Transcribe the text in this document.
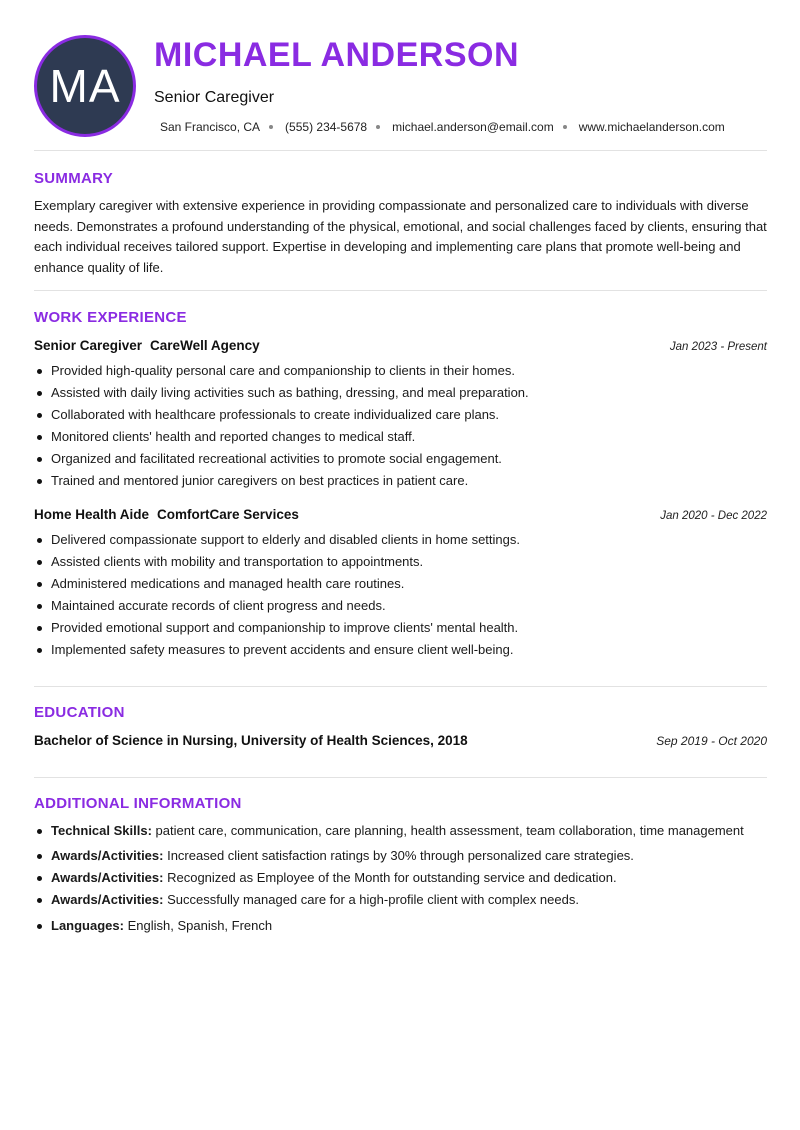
MA
MICHAEL ANDERSON

Senior Caregiver

San Francisco, CA (555) 234-5678 michael.anderson@email.com www.michaelanderson.com
SUMMARY

Exemplary caregiver with extensive experience in providing compassionate and personalized care to individuals with diverse needs. Demonstrates a profound understanding of the physical, emotional, and social challenges faced by clients, ensuring that each individual receives tailored support. Expertise in developing and implementing care plans that promote well-being and enhance quality of life.

WORK EXPERIENCE
Senior Caregiver CareWell Agency	Jan 2023 - Present
Provided high-quality personal care and companionship to clients in their homes.
Assisted with daily living activities such as bathing, dressing, and meal preparation.
Collaborated with healthcare professionals to create individualized care plans.
Monitored clients' health and reported changes to medical staff.
Organized and facilitated recreational activities to promote social engagement.
Trained and mentored junior caregivers on best practices in patient care.
Home Health Aide ComfortCare Services	Jan 2020 - Dec 2022
Delivered compassionate support to elderly and disabled clients in home settings.
Assisted clients with mobility and transportation to appointments.
Administered medications and managed health care routines.
Maintained accurate records of client progress and needs.
Provided emotional support and companionship to improve clients' mental health.
Implemented safety measures to prevent accidents and ensure client well-being.
EDUCATION
Bachelor of Science in Nursing, University of Health Sciences, 2018	Sep 2019 - Oct 2020
ADDITIONAL INFORMATION
Technical Skills: patient care, communication, care planning, health assessment, team collaboration, time management
Awards/Activities: Increased client satisfaction ratings by 30% through personalized care strategies.
Awards/Activities: Recognized as Employee of the Month for outstanding service and dedication.
Awards/Activities: Successfully managed care for a high-profile client with complex needs.
Languages: English, Spanish, French
